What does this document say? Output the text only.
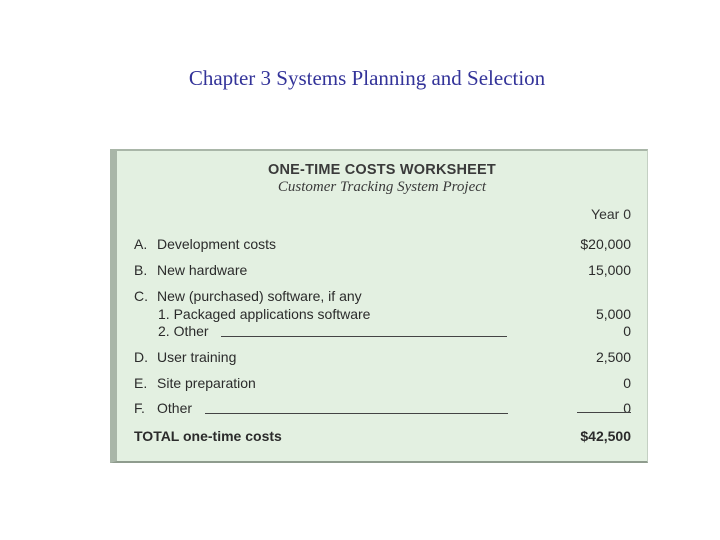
Chapter 3 Systems Planning and Selection
ONE-TIME COSTS WORKSHEET
Customer Tracking System Project
Year 0
A. Development costs	$20,000
B. New hardware	15,000
C. New (purchased) software, if any
1. Packaged applications software	5,000
2. Other	0
D. User training	2,500
E. Site preparation	0
F. Other	0
TOTAL one-time costs	$42,500
